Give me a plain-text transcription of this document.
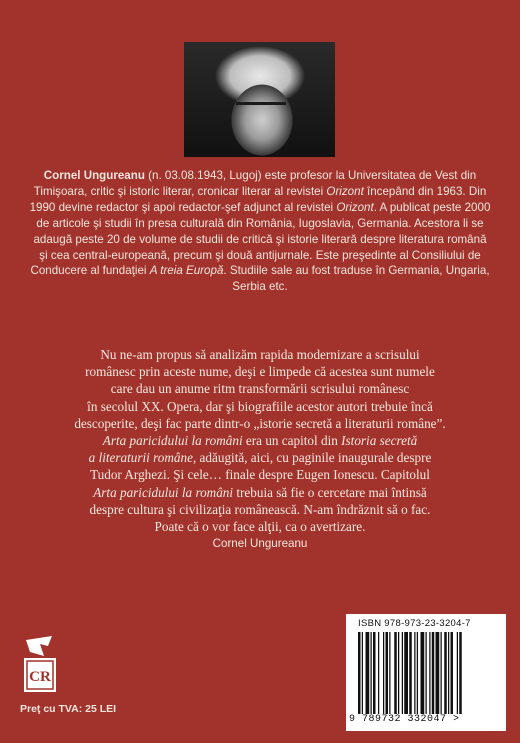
Cornel Ungureanu (n. 03.08.1943, Lugoj) este profesor la Universitatea de Vest din Timişoara, critic şi istoric literar, cronicar literar al revistei Orizont începând din 1963. Din 1990 devine redactor şi apoi redactor-şef adjunct al revistei Orizont. A publicat peste 2000 de articole şi studii în presa culturală din România, Iugoslavia, Germania. Acestora li se adaugă peste 20 de volume de studii de critică şi istorie literară despre literatura română şi cea central-europeană, precum şi două antijurnale. Este preşedinte al Consiliului de Conducere al fundaţiei A treia Europă. Studiile sale au fost traduse în Germania, Ungaria, Serbia etc.
Nu ne-am propus să analizăm rapida modernizare a scrisului
românesc prin aceste nume, deşi e limpede că acestea sunt numele
care dau un anume ritm transformării scrisului românesc
în secolul XX. Opera, dar şi biografiile acestor autori trebuie încă
descoperite, deşi fac parte dintr-o „istorie secretă a literaturii române”.
Arta paricidului la români era un capitol din Istoria secretă
a literaturii române, adăugită, aici, cu paginile inaugurale despre
Tudor Arghezi. Şi cele… finale despre Eugen Ionescu. Capitolul
Arta paricidului la români trebuia să fie o cercetare mai întinsă
despre cultura şi civilizaţia românească. N-am îndrăznit să o fac.
Poate că o vor face alţii, ca o avertizare.
Cornel Ungureanu
CR
Preţ cu TVA: 25 LEI
ISBN 978-973-23-3204-7
9 789732 332047 >
